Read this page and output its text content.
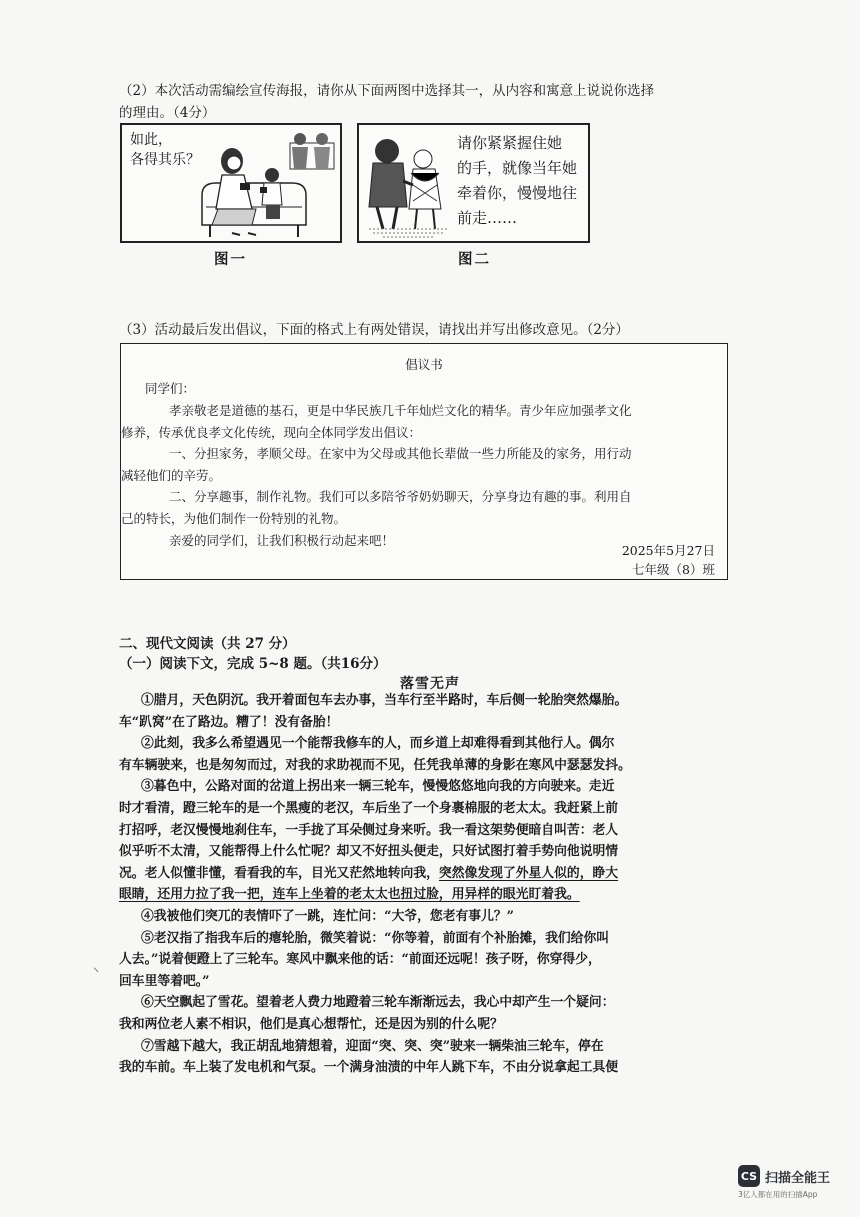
（2）本次活动需编绘宣传海报，请你从下面两图中选择其一，从内容和寓意上说说你选择
的理由。（4分）
如此，
各得其乐？
图一
请你紧紧握住她
的手，就像当年她
牵着你，慢慢地往
前走……
图二
（3）活动最后发出倡议，下面的格式上有两处错误，请找出并写出修改意见。（2分）
倡议书
同学们：
孝亲敬老是道德的基石，更是中华民族几千年灿烂文化的精华。青少年应加强孝文化
修养，传承优良孝文化传统，现向全体同学发出倡议：
一、分担家务，孝顺父母。在家中为父母或其他长辈做一些力所能及的家务，用行动
减轻他们的辛劳。
二、分享趣事，制作礼物。我们可以多陪爷爷奶奶聊天，分享身边有趣的事。利用自
己的特长，为他们制作一份特别的礼物。
亲爱的同学们，让我们积极行动起来吧！
2025年5月27日
七年级（8）班
二、现代文阅读（共 27 分）
（一）阅读下文，完成 5~8 题。（共16分）
落雪无声
①腊月，天色阴沉。我开着面包车去办事，当车行至半路时，车后侧一轮胎突然爆胎。
车“趴窝”在了路边。糟了！没有备胎！
②此刻，我多么希望遇见一个能帮我修车的人，而乡道上却难得看到其他行人。偶尔
有车辆驶来，也是匆匆而过，对我的求助视而不见，任凭我单薄的身影在寒风中瑟瑟发抖。
③暮色中，公路对面的岔道上拐出来一辆三轮车，慢慢悠悠地向我的方向驶来。走近
时才看清，蹬三轮车的是一个黑瘦的老汉，车后坐了一个身裹棉服的老太太。我赶紧上前
打招呼，老汉慢慢地刹住车，一手拢了耳朵侧过身来听。我一看这架势便暗自叫苦：老人
似乎听不太清，又能帮得上什么忙呢？却又不好扭头便走，只好试图打着手势向他说明情
况。老人似懂非懂，看看我的车，目光又茫然地转向我，突然像发现了外星人似的，睁大
眼睛，还用力拉了我一把，连车上坐着的老太太也扭过脸，用异样的眼光盯着我。
④我被他们突兀的表情吓了一跳，连忙问：“大爷，您老有事儿？”
⑤老汉指了指我车后的瘪轮胎，微笑着说：“你等着，前面有个补胎摊，我们给你叫
人去。”说着便蹬上了三轮车。寒风中飘来他的话：“前面还远呢！孩子呀，你穿得少，
回车里等着吧。”
⑥天空飘起了雪花。望着老人费力地蹬着三轮车渐渐远去，我心中却产生一个疑问：
我和两位老人素不相识，他们是真心想帮忙，还是因为别的什么呢？
⑦雪越下越大，我正胡乱地猜想着，迎面“突、突、突”驶来一辆柴油三轮车，停在
我的车前。车上装了发电机和气泵。一个满身油渍的中年人跳下车，不由分说拿起工具便
⸜
CS 扫描全能王
3亿人都在用的扫描App
